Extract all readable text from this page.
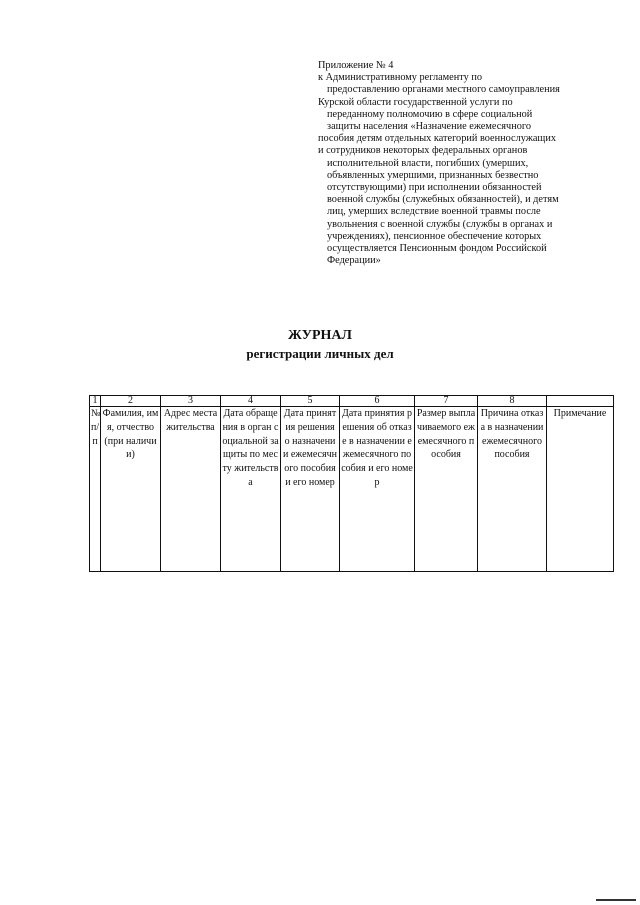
Приложение № 4
к Административному регламенту по
предоставлению органами местного самоуправления
Курской области государственной услуги по
переданному полномочию в сфере социальной
защиты населения «Назначение ежемесячного
пособия детям отдельных категорий военнослужащих
и сотрудников некоторых федеральных органов
исполнительной власти, погибших (умерших,
объявленных умершими, признанных безвестно
отсутствующими) при исполнении обязанностей
военной службы (служебных обязанностей), и детям
лиц, умерших вследствие военной травмы после
увольнения с военной службы (службы в органах и
учреждениях), пенсионное обеспечение которых
осуществляется Пенсионным фондом Российской
Федерации»
ЖУРНАЛ
регистрации личных дел
1	2	3	4	5	6	7	8	
№ п/п	Фамилия, имя, отчество (при наличии)	Адрес места жительства	Дата обращения в орган социальной защиты по месту жительства	Дата принятия решения о назначении ежемесячного пособия и его номер	Дата принятия решения об отказе в назначении ежемесячного пособия и его номер	Размер выплачиваемого ежемесячного пособия	Причина отказа в назначении ежемесячного пособия	Примечание
